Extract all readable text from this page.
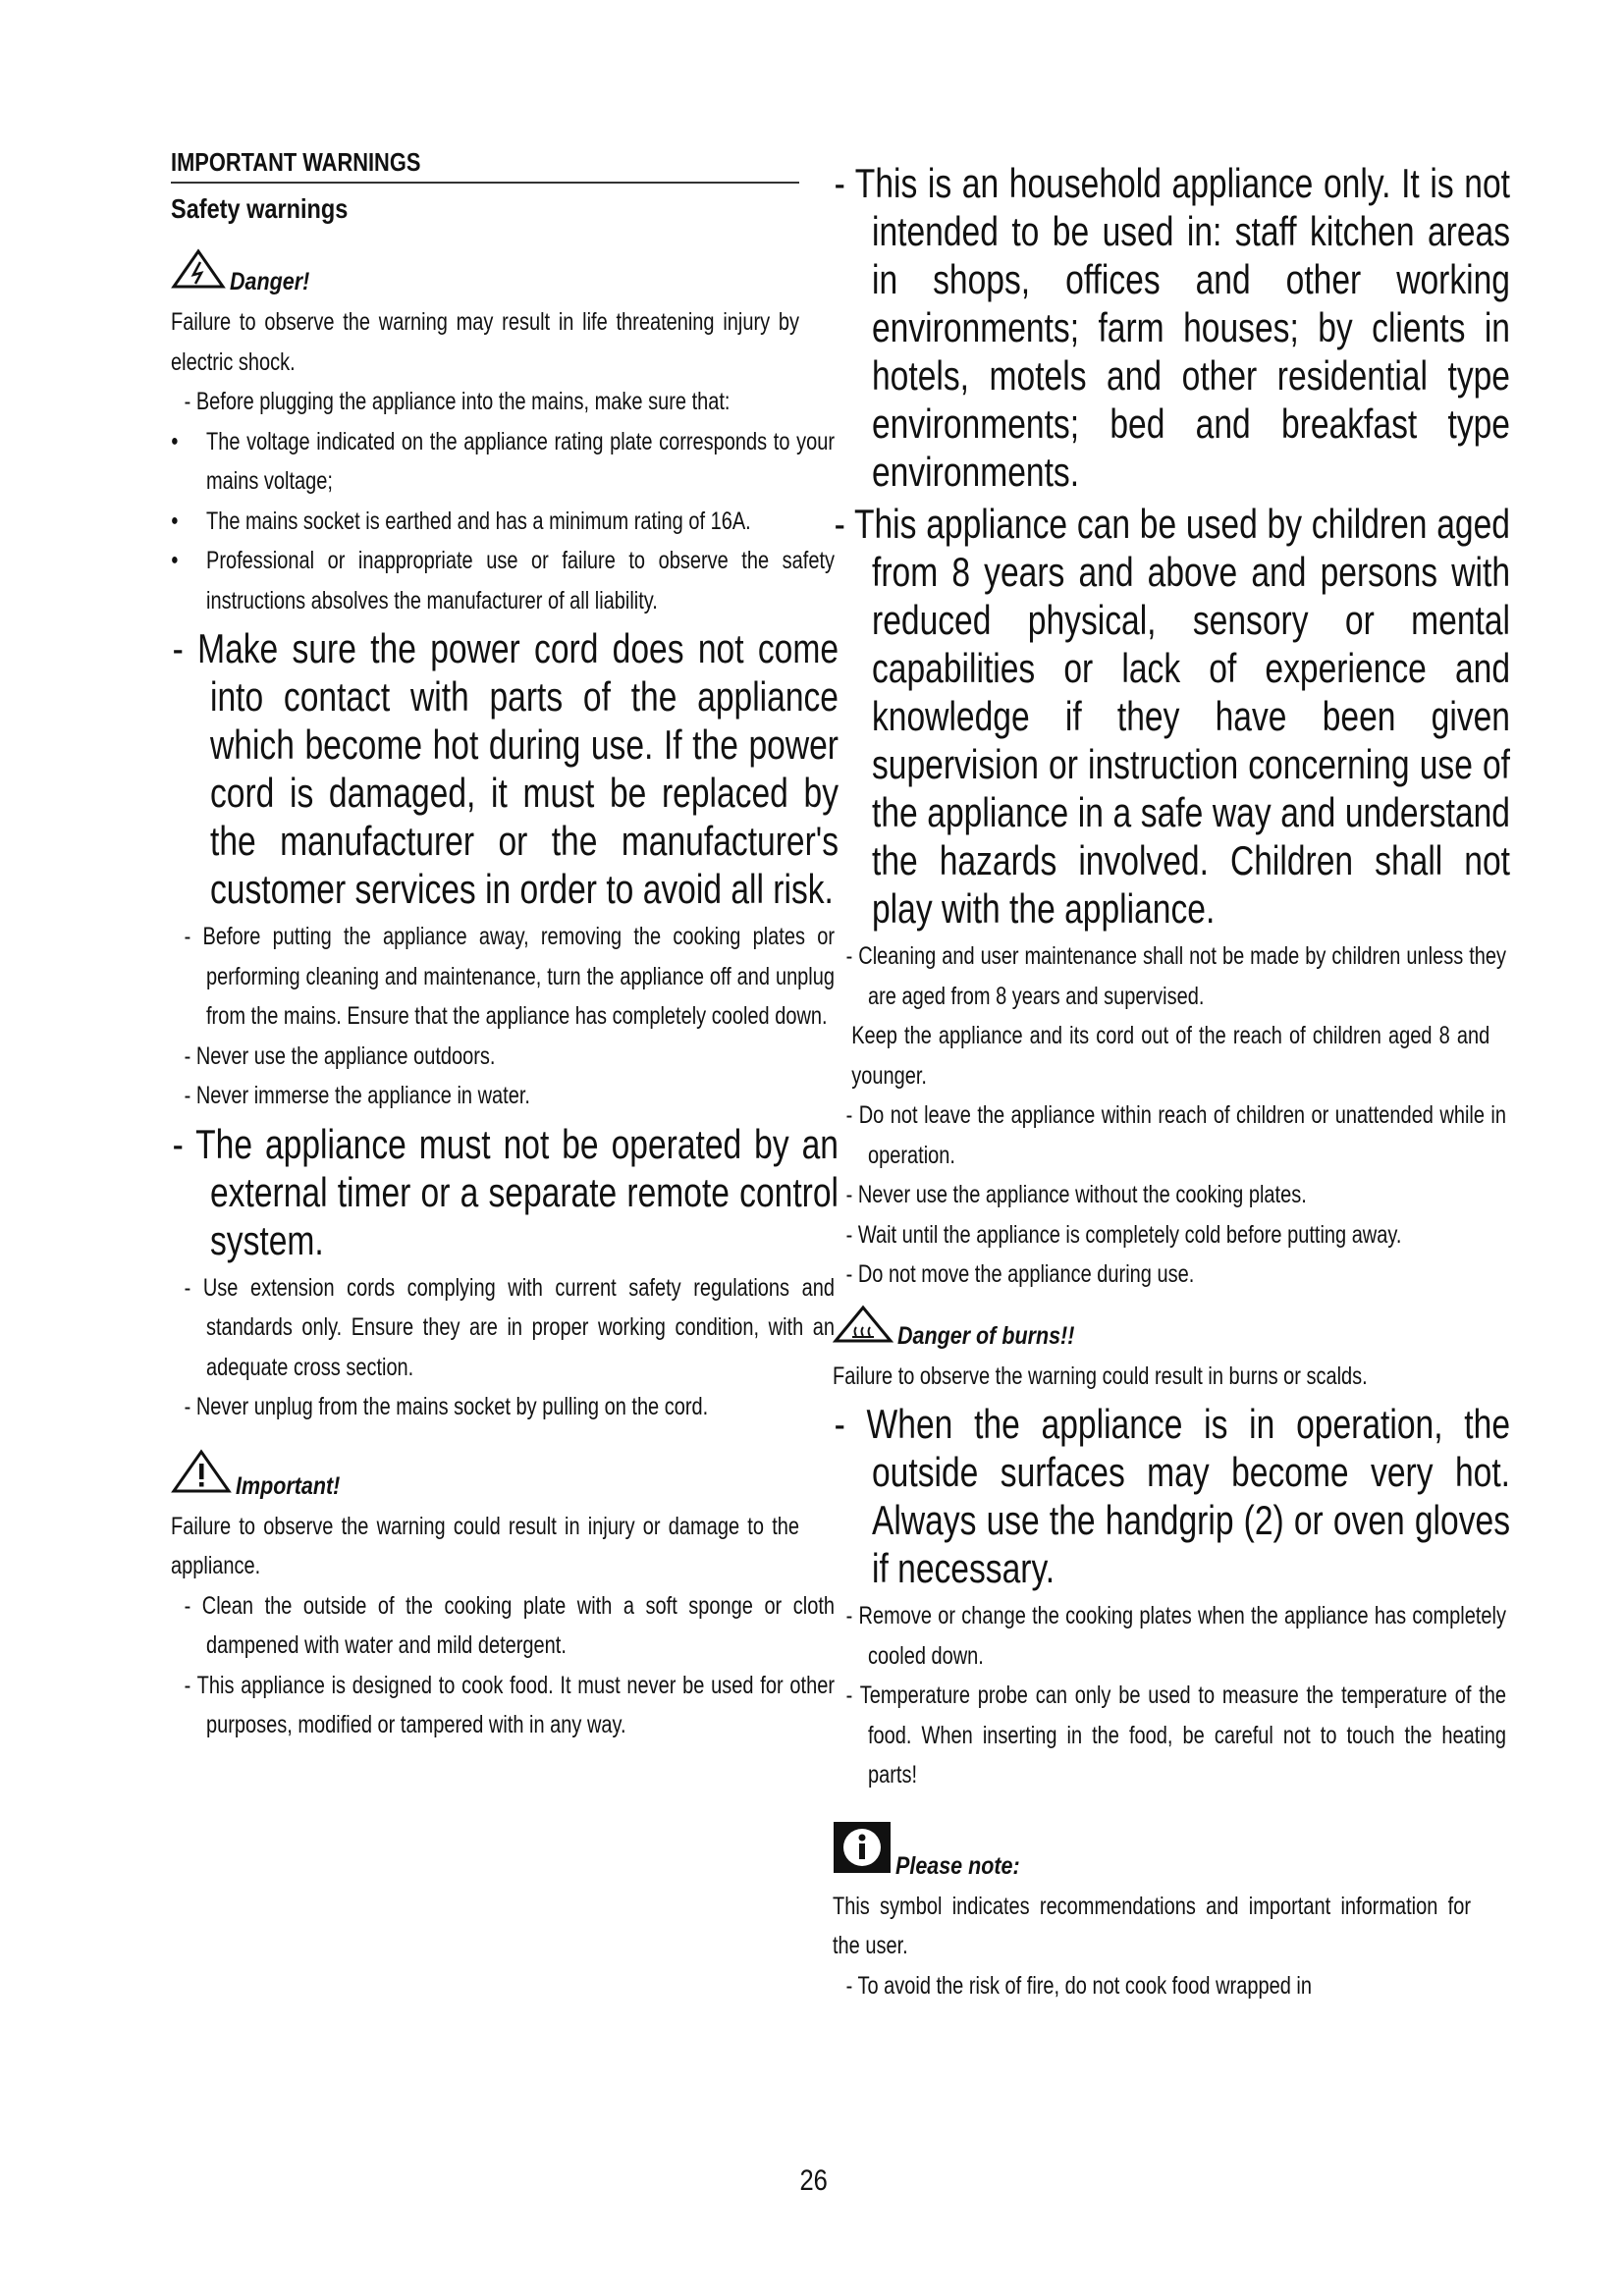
IMPORTANT WARNINGS
Safety warnings
Danger!

Failure to observe the warning may result in life threatening injury by electric shock.

- Before plugging the appliance into the mains, make sure that:

● The voltage indicated on the appliance rating plate corresponds to your mains voltage;

● The mains socket is earthed and has a minimum rating of 16A.

● Professional or inappropriate use or failure to observe the safety instructions absolves the manufacturer of all liability.

- Make sure the power cord does not come into contact with parts of the appliance which become hot during use. If the power cord is damaged, it must be replaced by the manufacturer or the manufacturer's customer services in order to avoid all risk.

- Before putting the appliance away, removing the cooking plates or performing cleaning and maintenance, turn the appliance off and unplug from the mains. Ensure that the appliance has completely cooled down.

- Never use the appliance outdoors.

- Never immerse the appliance in water.

- The appliance must not be operated by an external timer or a separate remote control system.

- Use extension cords complying with current safety regulations and standards only. Ensure they are in proper working condition, with an adequate cross section.

- Never unplug from the mains socket by pulling on the cord.

Important!

Failure to observe the warning could result in injury or damage to the appliance.

- Clean the outside of the cooking plate with a soft sponge or cloth dampened with water and mild detergent.

- This appliance is designed to cook food. It must never be used for other purposes, modified or tampered with in any way.

- This is an household appliance only. It is not intended to be used in: staff kitchen areas in shops, offices and other working environments; farm houses; by clients in hotels, motels and other residential type environments; bed and breakfast type environments.

- This appliance can be used by children aged from 8 years and above and persons with reduced physical, sensory or mental capabilities or lack of experience and knowledge if they have been given supervision or instruction concerning use of the appliance in a safe way and understand the hazards involved. Children shall not play with the appliance.

- Cleaning and user maintenance shall not be made by children unless they are aged from 8 years and supervised.

Keep the appliance and its cord out of the reach of children aged 8 and younger.

- Do not leave the appliance within reach of children or unattended while in operation.

- Never use the appliance without the cooking plates.

- Wait until the appliance is completely cold before putting away.

- Do not move the appliance during use.

Danger of burns!!

Failure to observe the warning could result in burns or scalds.

- When the appliance is in operation, the outside surfaces may become very hot. Always use the handgrip (2) or oven gloves if necessary.

- Remove or change the cooking plates when the appliance has completely cooled down.

- Temperature probe can only be used to measure the temperature of the food. When inserting in the food, be careful not to touch the heating parts!

Please note:

This symbol indicates recommendations and important information for the user.

- To avoid the risk of fire, do not cook food wrapped in

26
